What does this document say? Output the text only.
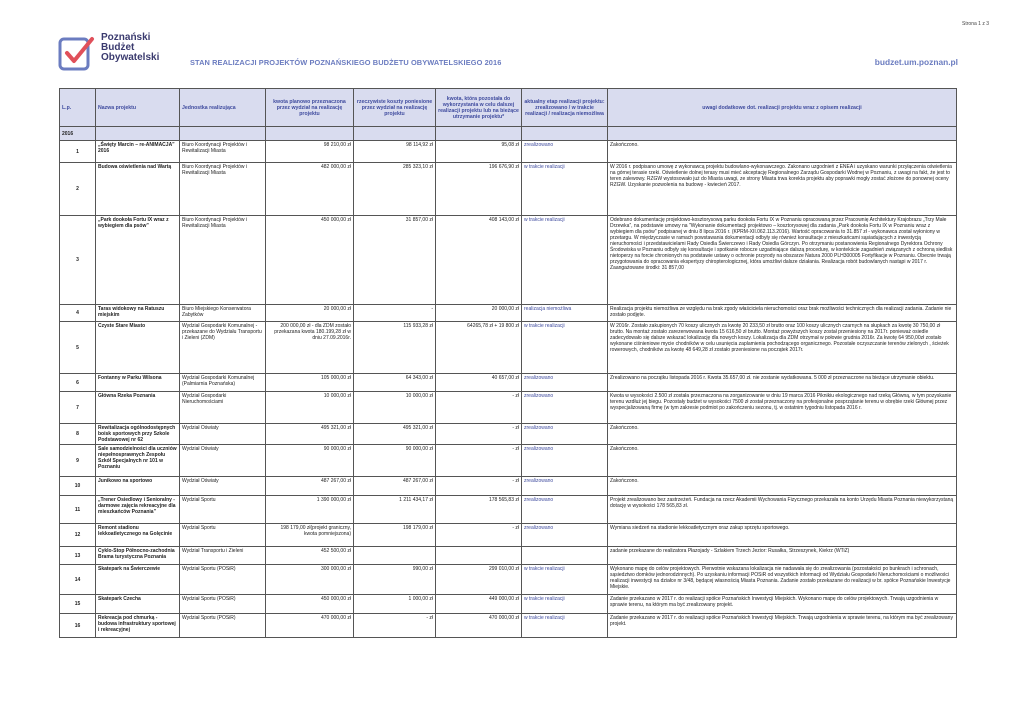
Strona 1 z 3
Poznański
Budżet
Obywatelski	STAN REALIZACJI PROJEKTÓW POZNAŃSKIEGO BUDŻETU OBYWATELSKIEGO 2016	budzet.um.poznan.pl
L.p.	Nazwa projektu	Jednostka realizująca	kwota planowo przeznaczona przez wydział na realizację projektu	rzeczywiste koszty poniesione przez wydział na realizację projektu	kwota, która pozostała do wykorzystania w celu dalszej realizacji projektu lub na bieżące utrzymanie projektu*	aktualny etap realizacji projektu: zrealizowano / w trakcie realizacji / realizacja niemożliwa	uwagi dodatkowe dot. realizacji projektu wraz z opisem realizacji
2016							
1	„Święty Marcin – re-ANIMACJA” 2016	Biuro Koordynacji Projektów i Rewitalizacji Miasta	98 210,00 zł	98 114,92 zł	95,08 zł	zrealizowano	Zakończono.
2	Budowa oświetlenia nad Wartą	Biuro Koordynacji Projektów i Rewitalizacji Miasta	482 000,00 zł	285 323,10 zł	196 676,90 zł	w trakcie realizacji	W 2016 r. podpisano umowę z wykonawcą projektu budowlano-wykonawczego. Zakonano uzgodnień z ENEA i uzyskano warunki przyłączenia oświetlenia na górnej terasie rzeki. Oświetlenie dolnej terasy musi mieć akceptację Regionalnego Zarządu Gospodarki Wodnej w Poznaniu, z uwagi na fakt, że jest to teren zalewowy. RZGW wystosowało już do Miasta uwagi, ze strony Miasta trwa korekta projektu aby poprawki mogły zostać złożone do ponownej oceny RZGW. Uzyskanie pozwolenia na budowę - kwiecień 2017.
3	„Park dookoła Fortu IX wraz z wybiegiem dla psów”	Biuro Koordynacji Projektów i Rewitalizacji Miasta	450 000,00 zł	31 857,00 zł	408 143,00 zł	w trakcie realizacji	Odebrano dokumentację projektowo-kosztorysową parku dookoła Fortu IX w Poznaniu opracowaną przez Pracownię Architektury Krajobrazu „Trzy Małe Drzewka”, na podstawie umowy na "Wykonanie dokumentacji projektowo – kosztorysowej dla zadania „Park dookoła Fortu IX w Poznaniu wraz z wybiegiem dla psów" podpisanej w dniu 8 lipca 2016 r. (KPRM-XII.062.113.2016). Wartość opracowania to 31.857 zł - wykonawca został wyłoniony w przetargu. W międzyczasie w ramach powstawania dokumentacji odbyły się również konsultacje z mieszkańcami sąsiadujących z inwestycją nieruchomości i przedstawicielami Rady Osiedla Świerczewo i Rady Osiedla Górczyn. Po otrzymaniu postanowienia Regionalnego Dyrektora Ochrony Środowiska w Poznaniu odbyły się konsultacje i spotkanie robocze uzgadniające dalszą procedurę, w kontekście zagadnień związanych z ochroną siedlisk nietoperzy na forcie chronionych na podstawie ustawy o ochronie przyrody na obszarze Natura 2000 PLH300005 Fortyfikacje w Poznaniu. Obecnie trwają przygotowania do opracowania ekspertyzy chiropterologicznej, która umożliwi dalsze działania. Realizacja robót budowlanych nastąpi w 2017 r. Zaangażowane środki: 31 857,00
4	Taras widokowy na Ratuszu miejskim	Biuro Miejskiego Konserwatora Zabytków	20 000,00 zł	-	20 000,00 zł	realizacja niemożliwa	Realizacja projektu niemożliwa ze względu na brak zgody właściciela nieruchomości oraz brak możliwości technicznych dla realizacji zadania. Zadanie nie zostało podjęte.
5	Czyste Stare Miasto	Wydział Gospodarki Komunalnej - przekazane do Wydziału Transportu i Zieleni (ZDM)	200 000,00 zł - dla ZDM zostało przekazana kwota 180.199,28 zł w dniu 27.09.2016r.	115 933,28 zł	64265,78 zł + 19 800 zł	w trakcie realizacji	W 2016r. Zostało zakupionych 70 koszy ulicznych za kwotę 20 233,50 zł brutto oraz 100 koszy ulicznych czarnych na słupkach za kwotę 30 750,00 zł brutto. Na montaż zostało zarezerwowana kwota 15 616,50 zł brutto. Montaż powyższych koszy został przeniesiony na 2017r. ponieważ osiedle zadecydowało się dalsze wskazać lokalizację dla nowych koszy. Lokalizacja dla ZDM otrzymał w połowie grudnia 2016r. Za kwotę 64 950,00zł zostało wykonane ciśnieniowe mycie chodników w celu usunięcia zaplamienia pochodzącego organicznego. Pozostałe oczyszczanie terenów zielonych , ścieżek rowerowych, chodników za kwotę 48 649,28 zł zostało przeniesione na początek 2017r.
6	Fontanny w Parku Wilsona	Wydział Gospodarki Komunalnej (Palmiarnia Poznańska)	105 000,00 zł	64 343,00 zł	40 657,00 zł	zrealizowano	Zrealizowano na początku listopada 2016 r. Kwota 35.657,00 zł. nie zostanie wydatkowana. 5 000 zł przeznaczone na bieżące utrzymanie obiektu.
7	Główna Rzeka Poznania	Wydział Gospodarki Nieruchomościami	10 000,00 zł	10 000,00 zł	- zł	zrealizowano	Kwota w wysokości 2.500 zł została przeznaczona na zorganizowanie w dniu 19 marca 2016 Piknikiu ekologicznego nad rzeką Główną, w tym pozyskanie terenu wzdłuż jej biegu. Pozostały budżet w wysokości 7500 zł został przeznaczony na profesjonalne posprzątanie terenu w obrębie rzeki Głównej przez wyspecjalizowaną firmę (w tym zakresie podmiot po zakończeniu sezonu, tj. w ostatnim tygodniu listopada 2016 r.
8	Rewitalizacja ogólnodostępnych boisk sportowych przy Szkole Podstawowej nr 62	Wydział Oświaty	495 321,00 zł	495 321,00 zł	- zł	zrealizowano	Zakończono.
9	Sale samodzielności dla uczniów niepełnosprawnych Zespołu Szkół Specjalnych nr 101 w Poznaniu	Wydział Oświaty	90 000,00 zł	90 000,00 zł	- zł	zrealizowano	Zakończono.
10	Junikowo na sportowo	Wydział Oświaty	487 267,00 zł	487 267,00 zł	- zł	zrealizowano	Zakończono.
11	„Trener Osiedlowy i Senioralny - darmowe zajęcia rekreacyjne dla mieszkańców Poznania”	Wydział Sportu	1 390 000,00 zł	1 211 434,17 zł	178 565,83 zł	zrealizowano	Projekt zrealizowano bez zastrzeżeń. Fundacja na rzecz Akademii Wychowania Fizycznego przekazała na konto Urzędu Miasta Poznania niewykorzystaną dotację w wysokości 178 565,83 zł.
12	Remont stadionu lekkoatletycznego na Golęcinie	Wydział Sportu	198 179,00 zł(projekt graniczny, kwota pomniejszona)	198 179,00 zł	- zł	zrealizowano	Wymiana siedzeń na stadionie lekkoatletycznym oraz zakup sprzętu sportowego.
13	Cyklo-Stop Północno-zachodnia Brama turystyczna Poznania	Wydział Transportu i Zieleni	452 500,00 zł				zadanie przekazane do realizatora Płazojady - Szlakiem Trzech Jezior: Rusałka, Strzeszynek, Kiekrz (WTiZ)
14	Skatepark na Świerczewie	Wydział Sportu (POSiR)	300 000,00 zł	990,00 zł	299 010,00 zł	w trakcie realizacji	Wykonano mapę do celów projektowych. Pierwotnie wskazana lokalizacja nie nadawała się do zrealizowania (pozostałości po bunkrach i schronach, sąsiedztwo domków jednorodzinnych). Po uzyskaniu informacji POSiR od wszystkich informacji od Wydziału Gospodarki Nieruchomościami o możliwości realizacji inwestycji na działce nr 3/48, będącej własnością Miasta Poznania. Zadanie zostało przekazane do realizacji w br. spółce Poznańskie Inwestycje Miejskie.
15	Skatepark Czecha	Wydział Sportu (POSiR)	450 000,00 zł	1 000,00 zł	449 000,00 zł	w trakcie realizacji	Zadanie przekazano w 2017 r. do realizacji spółce Poznańskich Inwestycji Miejskich. Wykonano mapę do celów projektowych. Trwają uzgodnienia w sprawie terenu, na którym ma być zrealizowany projekt.
16	Rekreacja pod chmurką - budowa infrastruktury sportowej i rekreacyjnej	Wydział Sportu (POSiR)	470 000,00 zł	- zł	470 000,00 zł	w trakcie realizacji	Zadanie przekazano w 2017 r. do realizacji spółce Poznańskich Inwestycji Miejskich. Trwają uzgodnienia w sprawie terenu, na którym ma być zrealizowany projekt.
